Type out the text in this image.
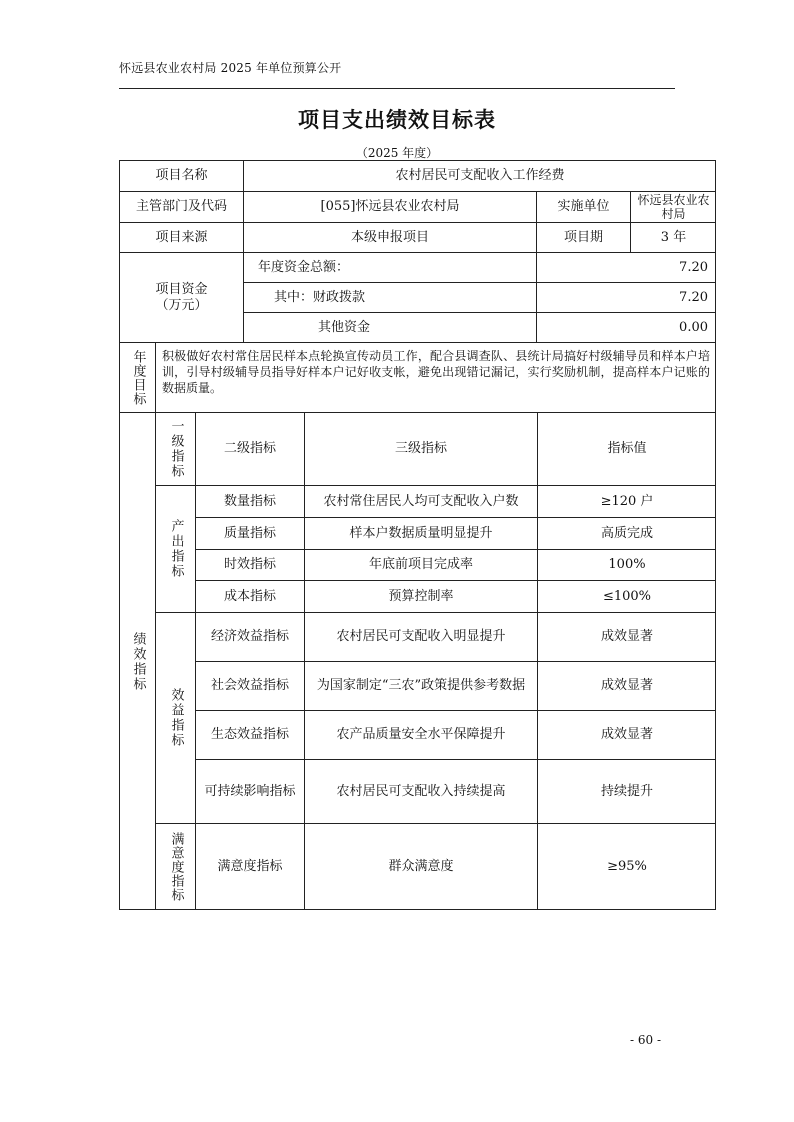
怀远县农业农村局 2025 年单位预算公开
项目支出绩效目标表
（2025 年度）
项目名称	农村居民可支配收入工作经费
主管部门及代码	[055]怀远县农业农村局	实施单位	怀远县农业农村局
项目来源	本级申报项目	项目期	3 年
项目资金
（万元）
年度资金总额：	7.20
其中：财政拨款	7.20
其他资金	0.00
年度目标	积极做好农村常住居民样本点轮换宣传动员工作，配合县调查队、县统计局搞好村级辅导员和样本户培训，引导村级辅导员指导好样本户记好收支帐，避免出现错记漏记，实行奖励机制，提高样本户记账的数据质量。
绩效指标
一级指标	二级指标	三级指标	指标值
产出指标
数量指标	农村常住居民人均可支配收入户数	≥120 户
质量指标	样本户数据质量明显提升	高质完成
时效指标	年底前项目完成率	100%
成本指标	预算控制率	≤100%
效益指标
经济效益指标	农村居民可支配收入明显提升	成效显著
社会效益指标	为国家制定“三农”政策提供参考数据	成效显著
生态效益指标	农产品质量安全水平保障提升	成效显著
可持续影响指标	农村居民可支配收入持续提高	持续提升
满意度指标	满意度指标	群众满意度	≥95%
- 60 -
